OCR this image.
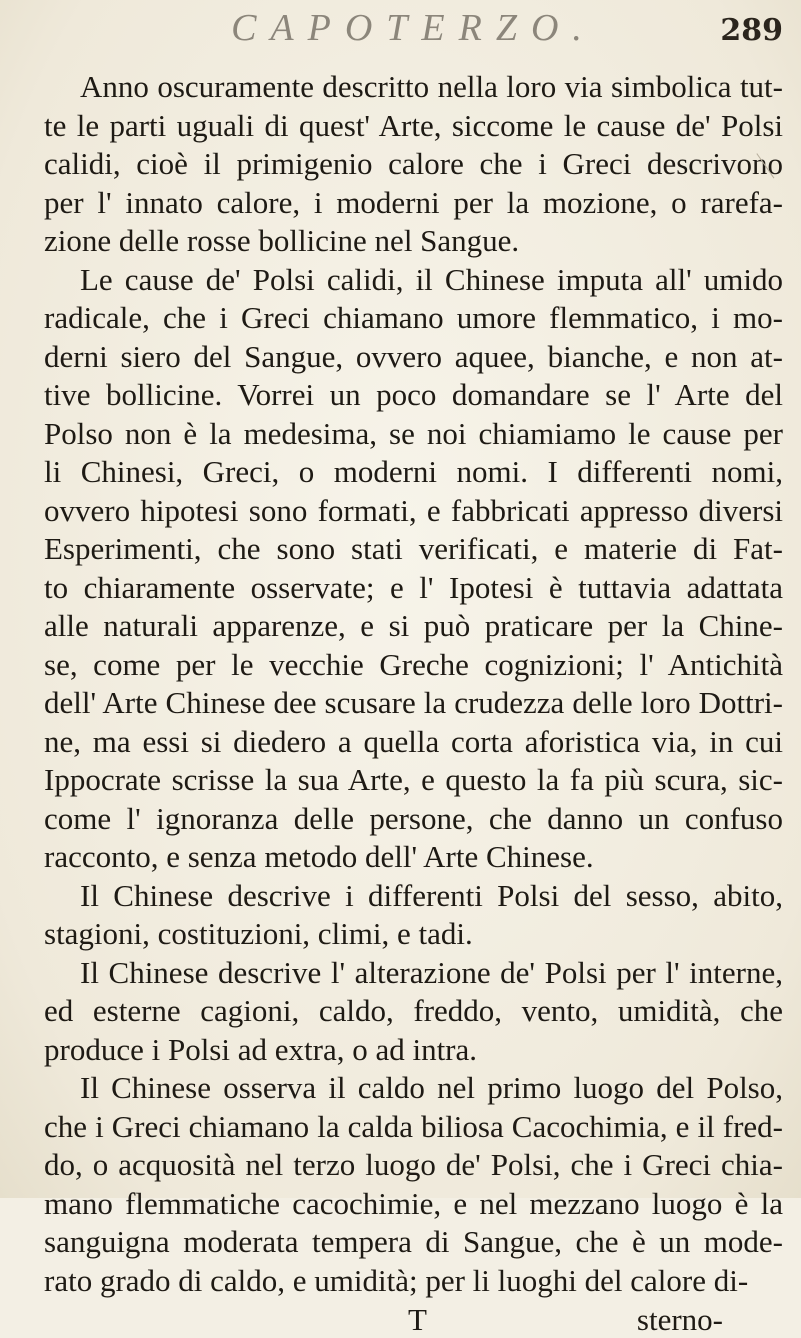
CAPOTERZO.	289

Anno oscuramente descritto nella loro via simbolica tut-
te le parti uguali di quest' Arte, siccome le cause de' Polsi
calidi, cioè il primigenio calore che i Greci descrivono
per l' innato calore, i moderni per la mozione, o rarefa-
zione delle rosse bollicine nel Sangue.

Le cause de' Polsi calidi, il Chinese imputa all' umido
radicale, che i Greci chiamano umore flemmatico, i mo-
derni siero del Sangue, ovvero aquee, bianche, e non at-
tive bollicine. Vorrei un poco domandare se l' Arte del
Polso non è la medesima, se noi chiamiamo le cause per
li Chinesi, Greci, o moderni nomi. I differenti nomi,
ovvero hipotesi sono formati, e fabbricati appresso diversi
Esperimenti, che sono stati verificati, e materie di Fat-
to chiaramente osservate; e l' Ipotesi è tuttavia adattata
alle naturali apparenze, e si può praticare per la Chine-
se, come per le vecchie Greche cognizioni; l' Antichità
dell' Arte Chinese dee scusare la crudezza delle loro Dottri-
ne, ma essi si diedero a quella corta aforistica via, in cui
Ippocrate scrisse la sua Arte, e questo la fa più scura, sic-
come l' ignoranza delle persone, che danno un confuso
racconto, e senza metodo dell' Arte Chinese.

Il Chinese descrive i differenti Polsi del sesso, abito,
stagioni, costituzioni, climi, e tadi.

Il Chinese descrive l' alterazione de' Polsi per l' interne,
ed esterne cagioni, caldo, freddo, vento, umidità, che
produce i Polsi ad extra, o ad intra.

Il Chinese osserva il caldo nel primo luogo del Polso,
che i Greci chiamano la calda biliosa Cacochimia, e il fred-
do, o acquosità nel terzo luogo de' Polsi, che i Greci chia-
mano flemmatiche cacochimie, e nel mezzano luogo è la
sanguigna moderata tempera di Sangue, che è un mode-
rato grado di caldo, e umidità; per li luoghi del calore di-

T	sterno-
